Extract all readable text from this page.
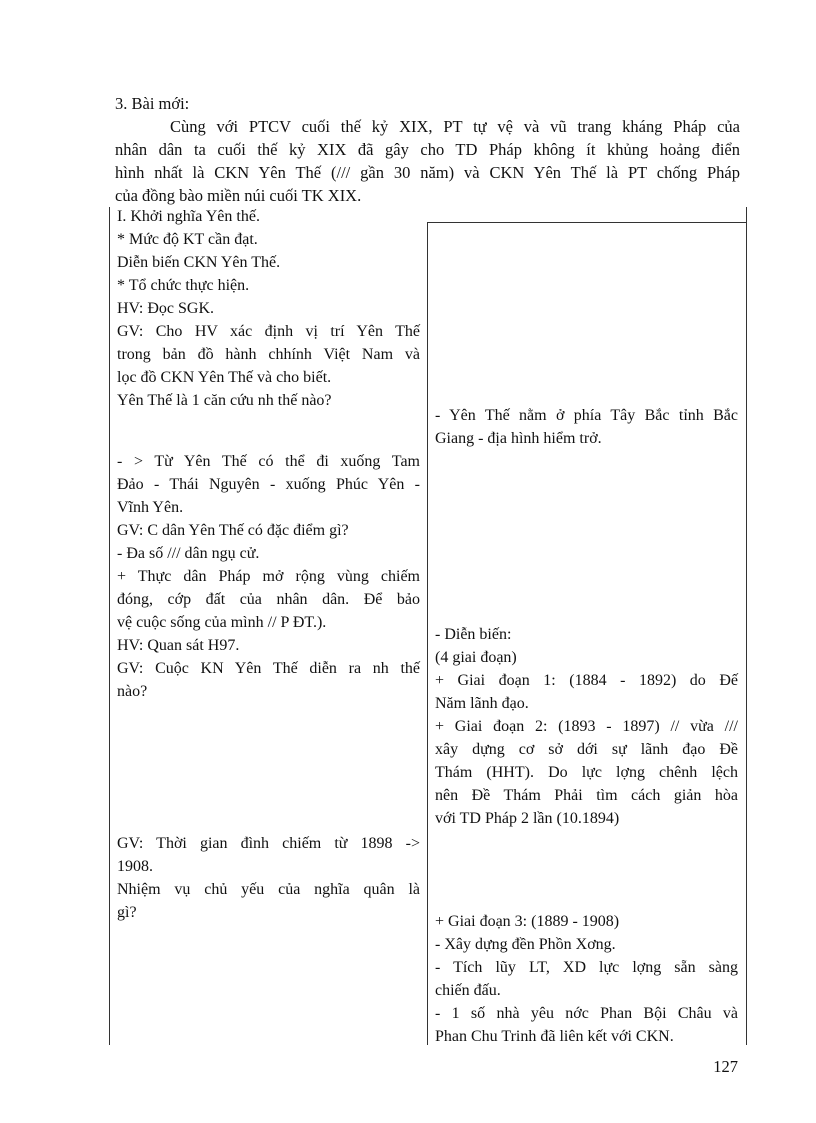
3. Bài mới:

Cùng với PTCV cuối thế kỷ XIX, PT tự vệ và vũ trang kháng Pháp của

nhân dân ta cuối thế kỷ XIX đã gây cho TD Pháp không ít khủng hoảng điển

hình nhất là CKN Yên Thế (/// gần 30 năm) và CKN Yên Thế là PT chống Pháp

của đồng bào miền núi cuối TK XIX.

I. Khởi nghĩa Yên thế.
* Mức độ KT cần đạt.
Diễn biến CKN Yên Thế.
* Tổ chức thực hiện.
HV: Đọc SGK.
GV: Cho HV xác định vị trí Yên Thế
trong bản đồ hành chhính Việt Nam và
lọc đồ CKN Yên Thế và cho biết.
Yên Thế là 1 căn cứu nh thế nào?
- > Từ Yên Thế có thể đi xuống Tam
Đảo - Thái Nguyên - xuống Phúc Yên -
Vĩnh Yên.
GV: C dân Yên Thế có đặc điểm gì?
- Đa số /// dân ngụ cử.
+ Thực dân Pháp mở rộng vùng chiếm
đóng, cớp đất của nhân dân. Để bảo
vệ cuộc sống của mình // P ĐT.).
HV: Quan sát H97.
GV: Cuộc KN Yên Thế diễn ra nh thế
nào?
GV: Thời gian đình chiếm từ 1898 ->
1908.
Nhiệm vụ chủ yếu của nghĩa quân là
gì?
- Yên Thế nằm ở phía Tây Bắc tỉnh Bắc
Giang - địa hình hiểm trở.
- Diễn biến:
(4 giai đoạn)
+ Giai đoạn 1: (1884 - 1892) do Đế
Năm lãnh đạo.
+ Giai đoạn 2: (1893 - 1897) // vừa ///
xây dựng cơ sở dới sự lãnh đạo Đề
Thám (HHT). Do lực lợng chênh lệch
nên Đề Thám Phải tìm cách giản hòa
với TD Pháp 2 lần (10.1894)
+ Giai đoạn 3: (1889 - 1908)
- Xây dựng đền Phồn Xơng.
- Tích lũy LT, XD lực lợng sẵn sàng
chiến đấu.
- 1 số nhà yêu nớc Phan Bội Châu và
Phan Chu Trinh đã liên kết với CKN.
127
